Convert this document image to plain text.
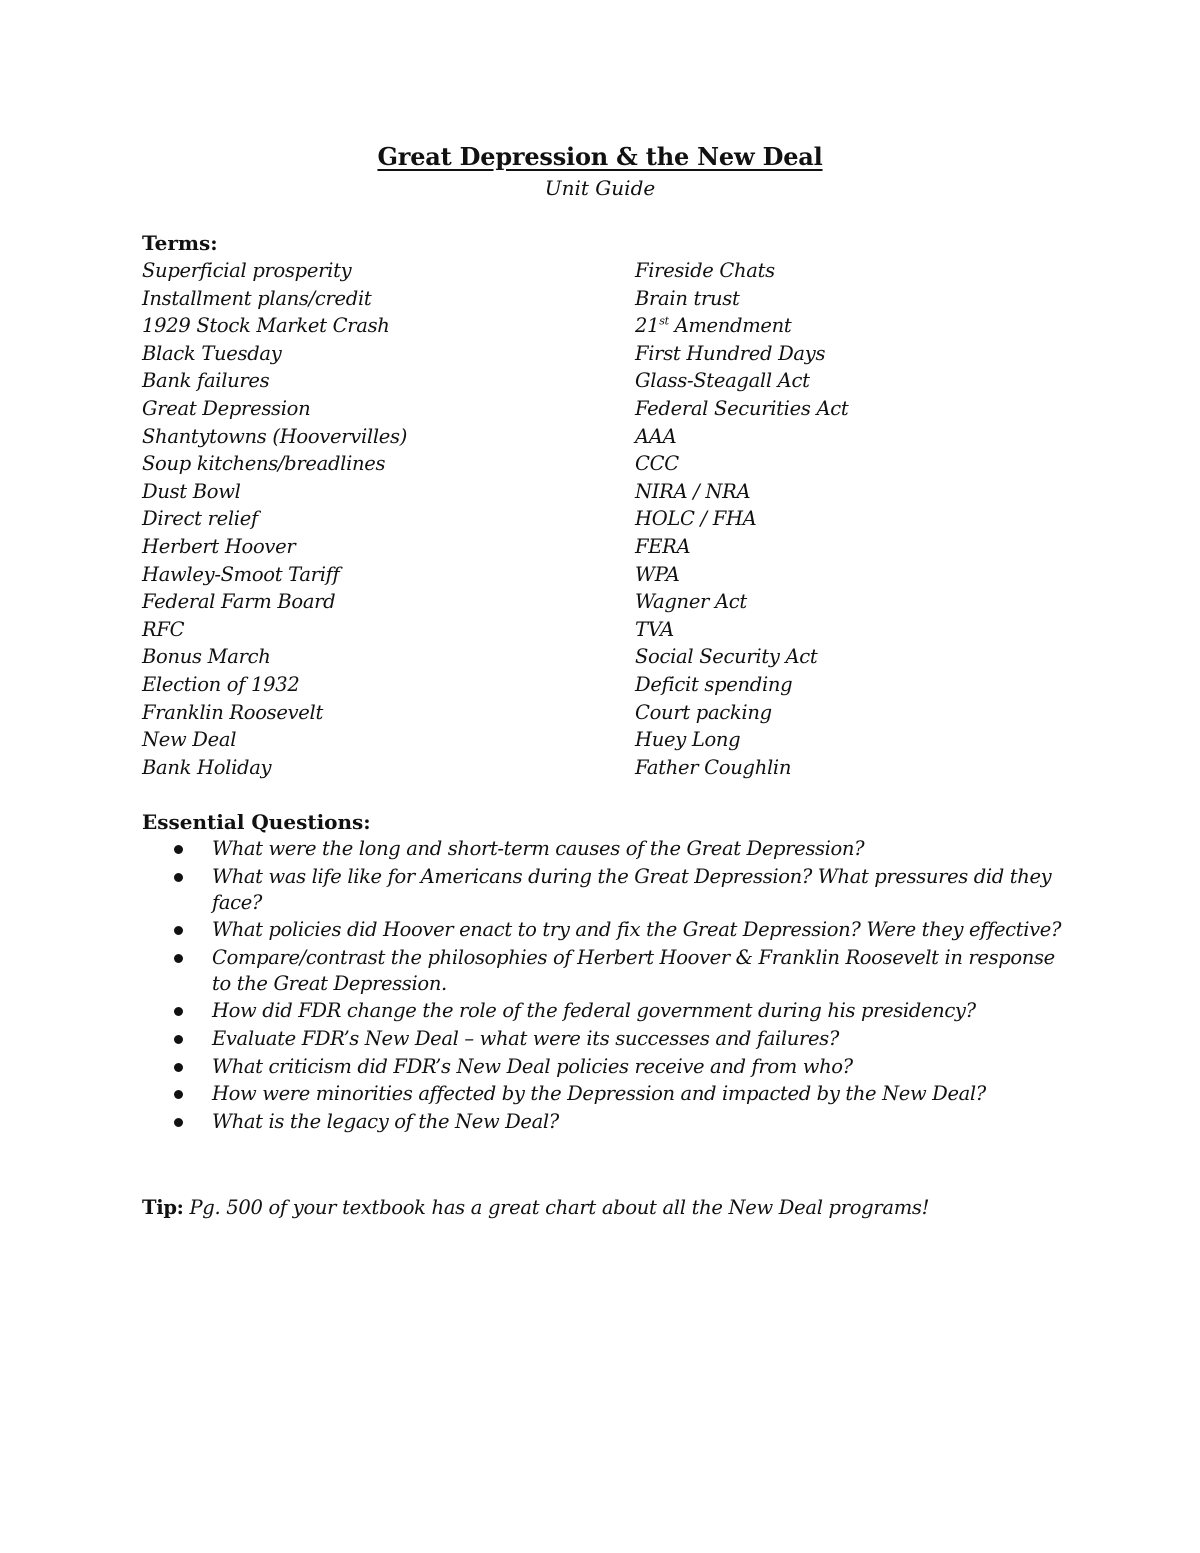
Great Depression & the New Deal
Unit Guide
Terms:
Superficial prosperity
Installment plans/credit
1929 Stock Market Crash
Black Tuesday
Bank failures
Great Depression
Shantytowns (Hoovervilles)
Soup kitchens/breadlines
Dust Bowl
Direct relief
Herbert Hoover
Hawley-Smoot Tariff
Federal Farm Board
RFC
Bonus March
Election of 1932
Franklin Roosevelt
New Deal
Bank Holiday
Fireside Chats
Brain trust
21st Amendment
First Hundred Days
Glass-Steagall Act
Federal Securities Act
AAA
CCC
NIRA / NRA
HOLC / FHA
FERA
WPA
Wagner Act
TVA
Social Security Act
Deficit spending
Court packing
Huey Long
Father Coughlin
Essential Questions:
What were the long and short-term causes of the Great Depression?
What was life like for Americans during the Great Depression? What pressures did they face?
What policies did Hoover enact to try and fix the Great Depression? Were they effective?
Compare/contrast the philosophies of Herbert Hoover & Franklin Roosevelt in response to the Great Depression.
How did FDR change the role of the federal government during his presidency?
Evaluate FDR’s New Deal – what were its successes and failures?
What criticism did FDR’s New Deal policies receive and from who?
How were minorities affected by the Depression and impacted by the New Deal?
What is the legacy of the New Deal?
Tip: Pg. 500 of your textbook has a great chart about all the New Deal programs!
